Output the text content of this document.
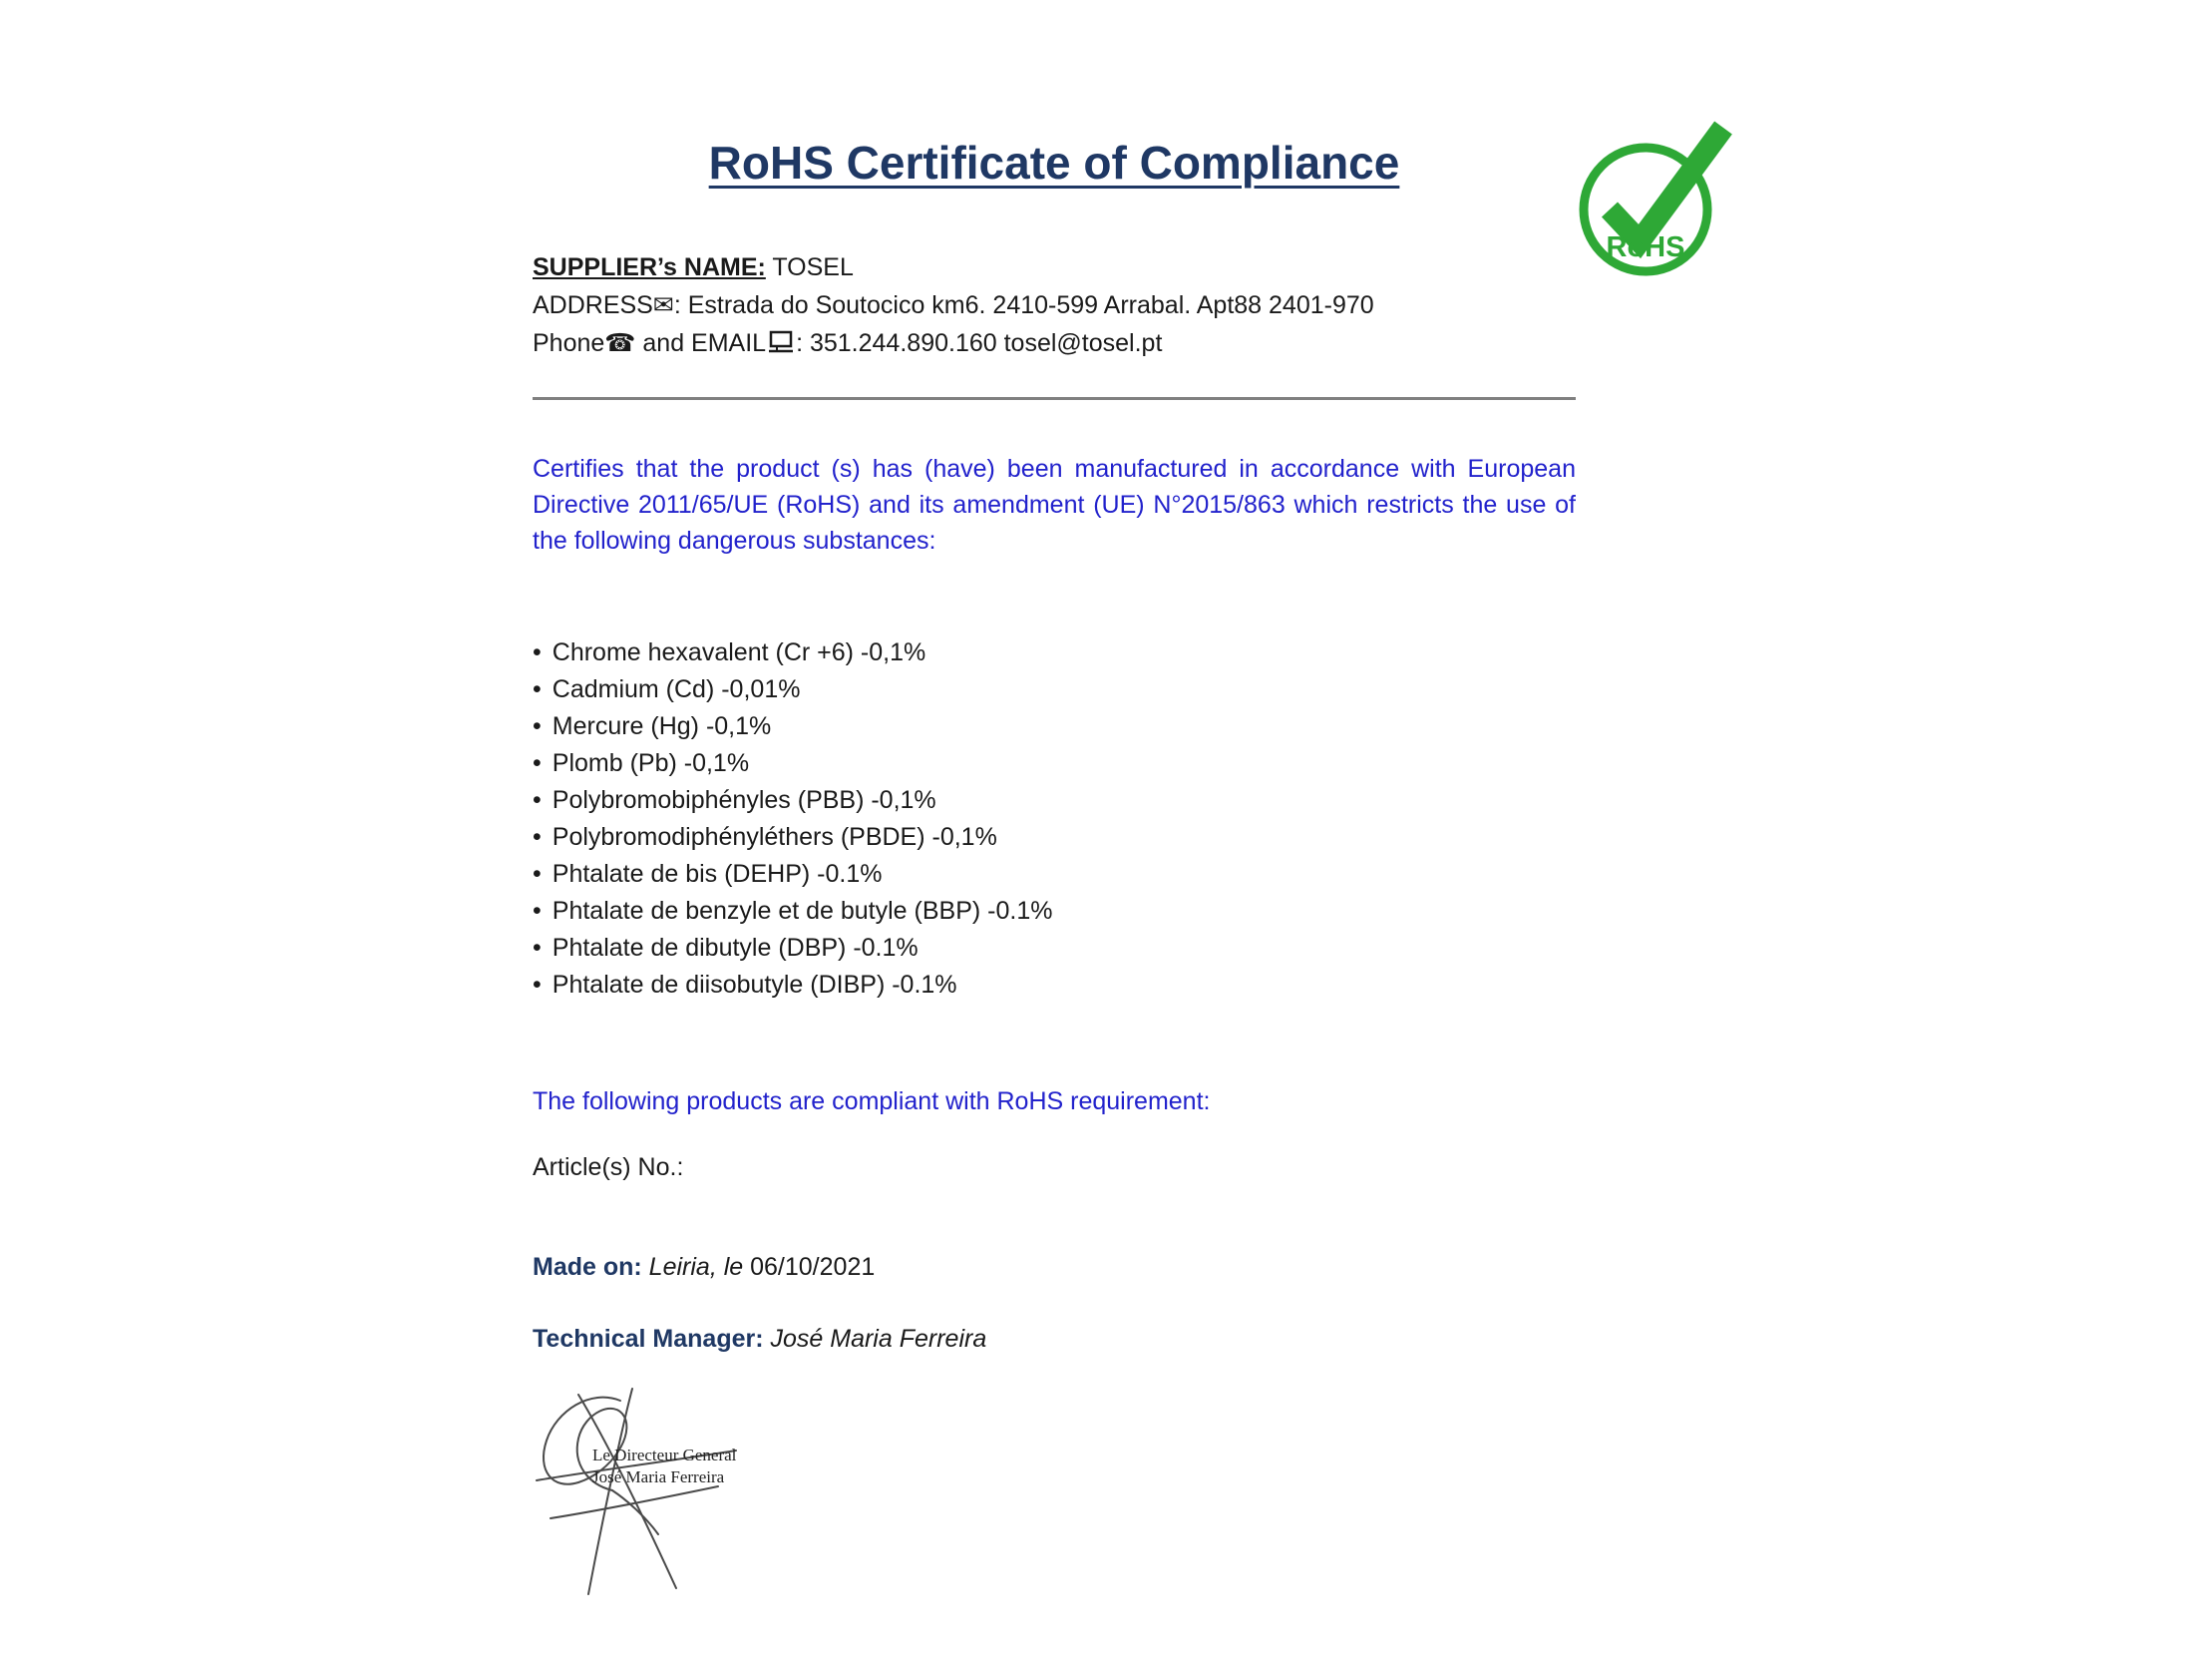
RoHS Certificate of Compliance
RoHS

SUPPLIER’s NAME: TOSEL

ADDRESS✉: Estrada do Soutocico km6. 2410-599 Arrabal. Apt88 2401-970

Phone☎ and EMAIL : 351.244.890.160 tosel@tosel.pt

Certifies that the product (s) has (have) been manufactured in accordance with European Directive 2011/65/UE (RoHS) and its amendment (UE) N°2015/863 which restricts the use of the following dangerous substances:

• Chrome hexavalent (Cr +6) -0,1%
• Cadmium (Cd) -0,01%
• Mercure (Hg) -0,1%
• Plomb (Pb) -0,1%
• Polybromobiphényles (PBB) -0,1%
• Polybromodiphényléthers (PBDE) -0,1%
• Phtalate de bis (DEHP) -0.1%
• Phtalate de benzyle et de butyle (BBP) -0.1%
• Phtalate de dibutyle (DBP) -0.1%
• Phtalate de diisobutyle (DIBP) -0.1%

The following products are compliant with RoHS requirement:

Article(s) No.:

Made on: Leiria, le 06/10/2021

Technical Manager: José Maria Ferreira

Le Directeur General
José Maria Ferreira
